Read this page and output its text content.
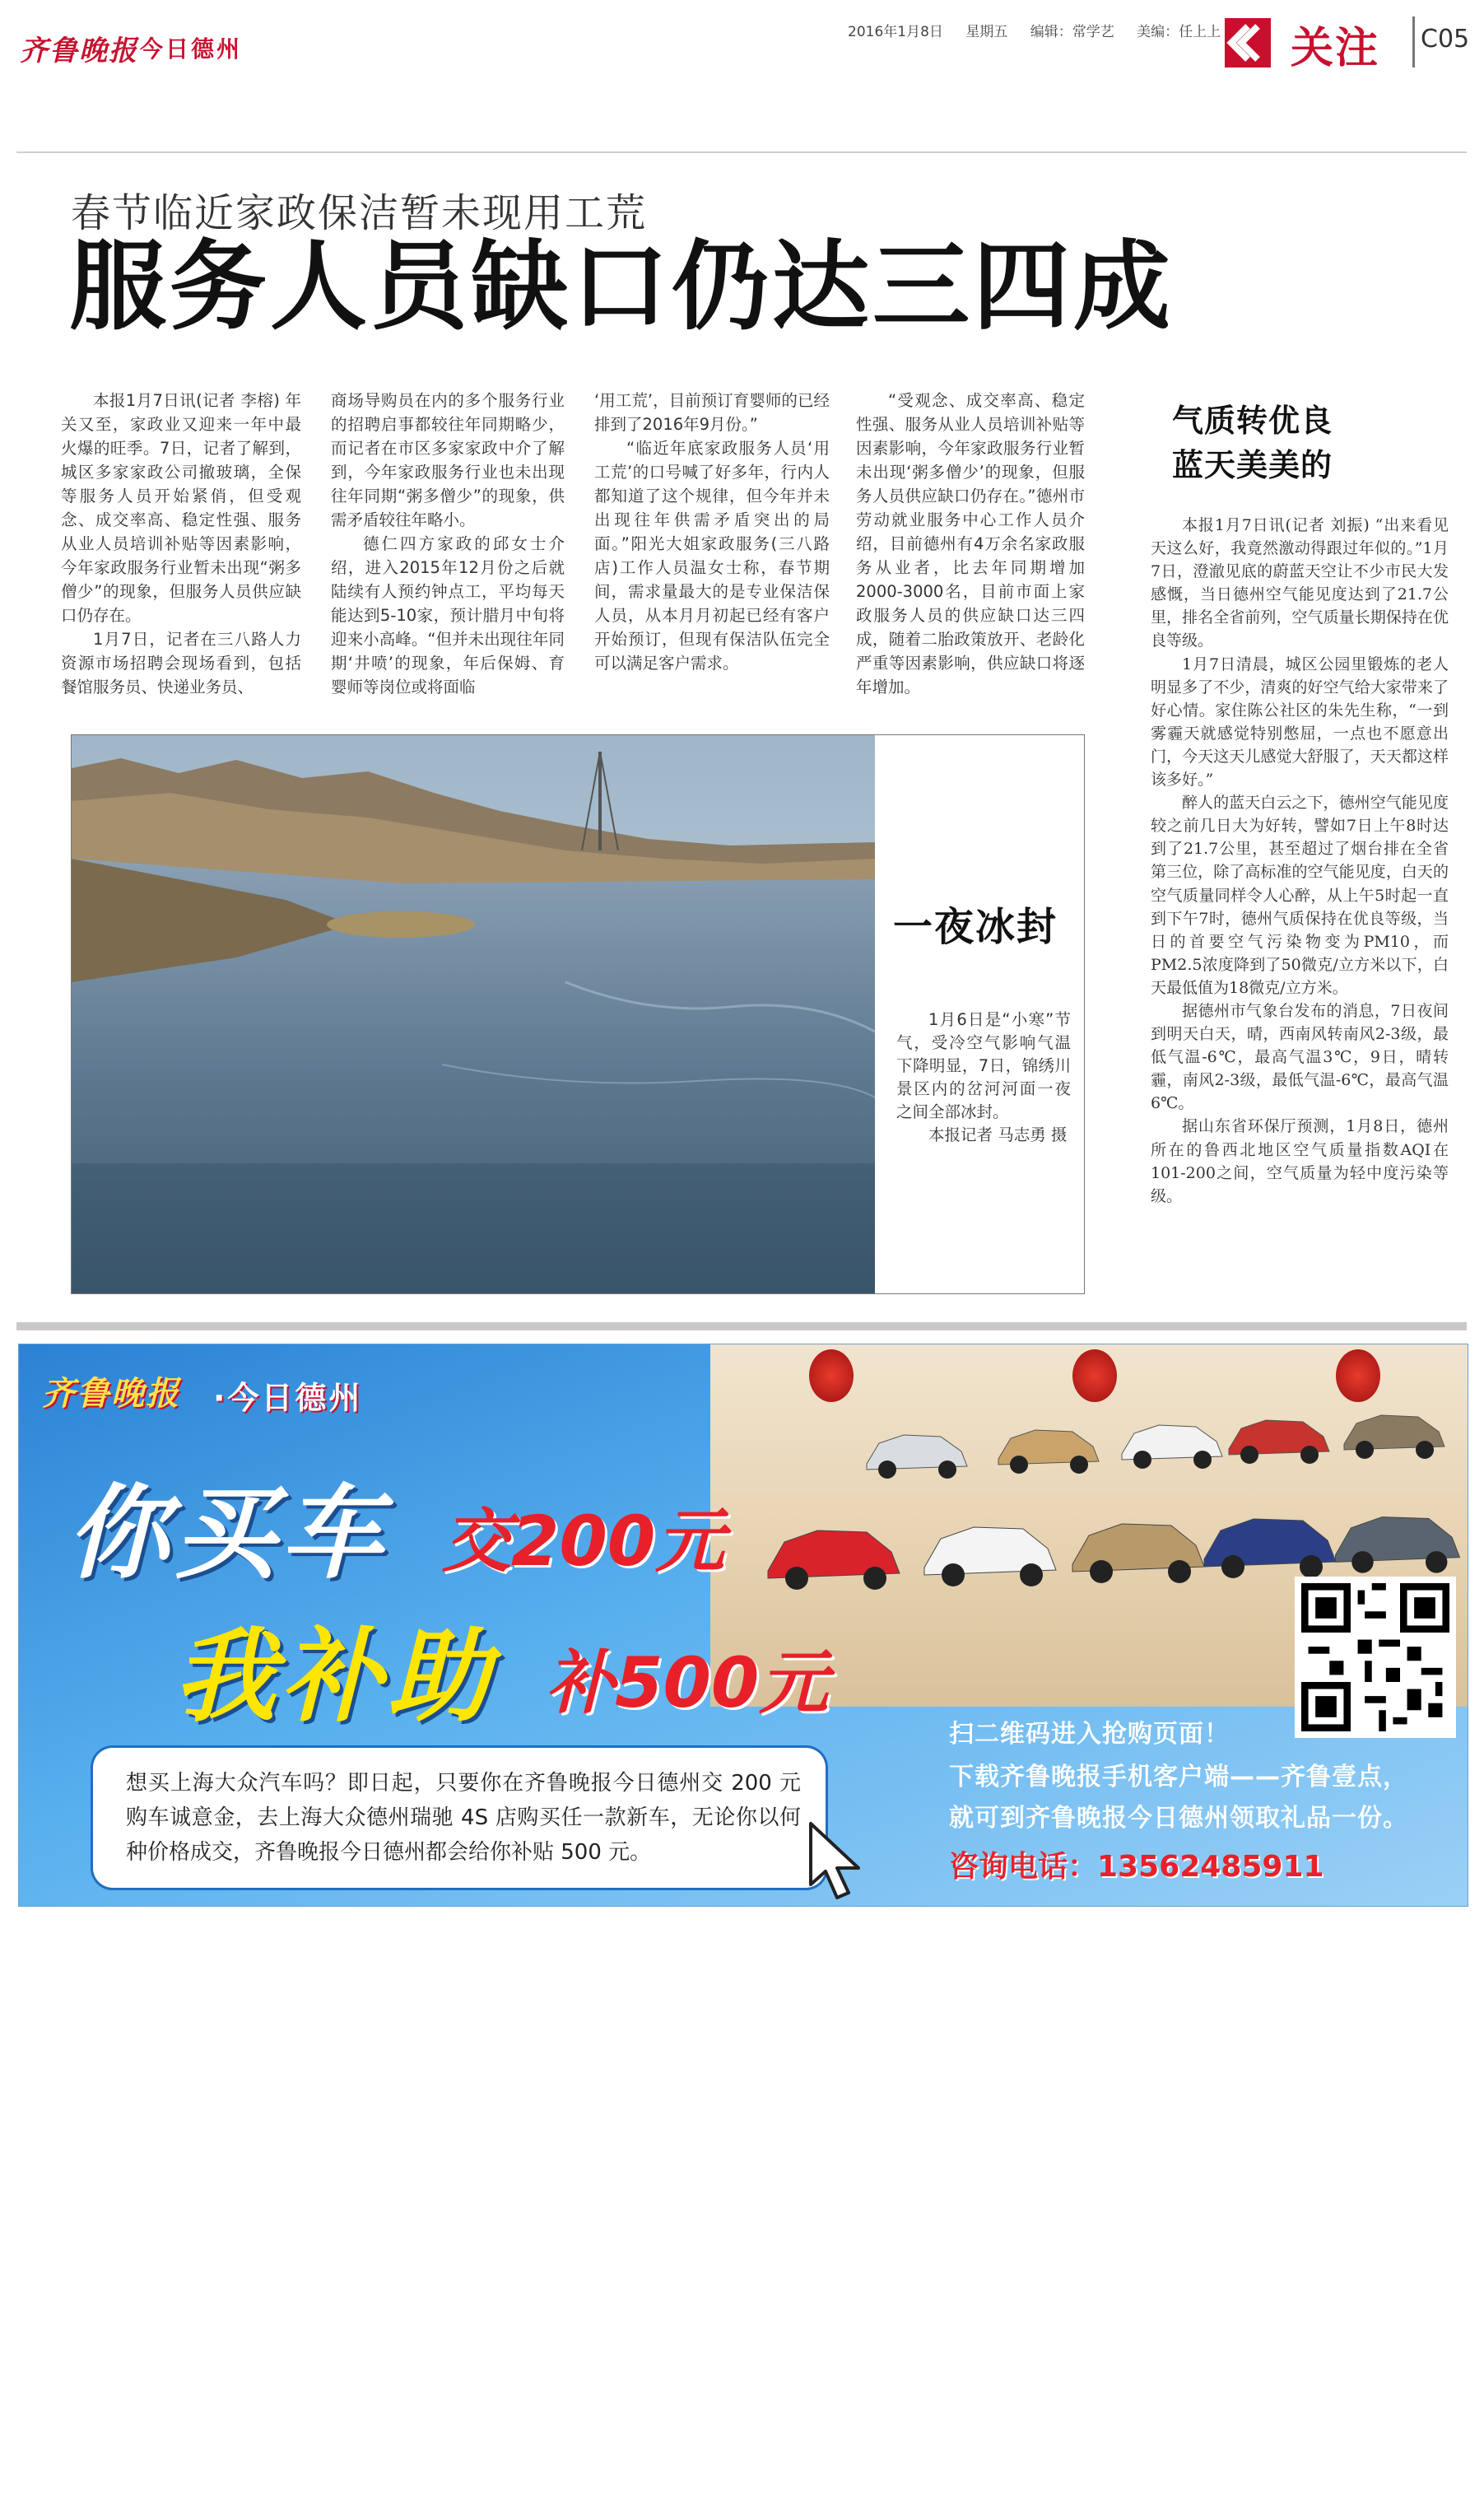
齐鲁晚报 今日德州
2016年1月8日 星期五 编辑：常学艺 美编：任上上	关注 C05
春节临近家政保洁暂未现用工荒
服务人员缺口仍达三四成

本报1月7日讯(记者 李榕) 年关又至，家政业又迎来一年中最火爆的旺季。7日，记者了解到，城区多家家政公司撤玻璃，全保等服务人员开始紧俏，但受观念、成交率高、稳定性强、服务从业人员培训补贴等因素影响，今年家政服务行业暂未出现“粥多僧少”的现象，但服务人员供应缺口仍存在。

1月7日，记者在三八路人力资源市场招聘会现场看到，包括餐馆服务员、快递业务员、

商场导购员在内的多个服务行业的招聘启事都较往年同期略少，而记者在市区多家家政中介了解到，今年家政服务行业也未出现往年同期“粥多僧少”的现象，供需矛盾较往年略小。

德仁四方家政的邱女士介绍，进入2015年12月份之后就陆续有人预约钟点工，平均每天能达到5-10家，预计腊月中旬将迎来小高峰。“但并未出现往年同期‘井喷’的现象，年后保姆、育婴师等岗位或将面临

‘用工荒’，目前预订育婴师的已经排到了2016年9月份。”

“临近年底家政服务人员‘用工荒’的口号喊了好多年，行内人都知道了这个规律，但今年并未出现往年供需矛盾突出的局面。”阳光大姐家政服务(三八路店)工作人员温女士称，春节期间，需求量最大的是专业保洁保人员，从本月月初起已经有客户开始预订，但现有保洁队伍完全可以满足客户需求。

“受观念、成交率高、稳定性强、服务从业人员培训补贴等因素影响，今年家政服务行业暂未出现‘粥多僧少’的现象，但服务人员供应缺口仍存在。”德州市劳动就业服务中心工作人员介绍，目前德州有4万余名家政服务从业者，比去年同期增加2000-3000名，目前市面上家政服务人员的供应缺口达三四成，随着二胎政策放开、老龄化严重等因素影响，供应缺口将逐年增加。

一夜冰封

1月6日是“小寒”节气，受冷空气影响气温下降明显，7日，锦绣川景区内的岔河河面一夜之间全部冰封。

本报记者 马志勇 摄

气质转优良
蓝天美美的

本报1月7日讯(记者 刘振) “出来看见天这么好，我竟然激动得跟过年似的。”1月7日，澄澈见底的蔚蓝天空让不少市民大发感慨，当日德州空气能见度达到了21.7公里，排名全省前列，空气质量长期保持在优良等级。

1月7日清晨，城区公园里锻炼的老人明显多了不少，清爽的好空气给大家带来了好心情。家住陈公社区的朱先生称，“一到雾霾天就感觉特别憋屈，一点也不愿意出门，今天这天儿感觉大舒服了，天天都这样该多好。”

醉人的蓝天白云之下，德州空气能见度较之前几日大为好转，譬如7日上午8时达到了21.7公里，甚至超过了烟台排在全省第三位，除了高标准的空气能见度，白天的空气质量同样令人心醉，从上午5时起一直到下午7时，德州气质保持在优良等级，当日的首要空气污染物变为PM10，而PM2.5浓度降到了50微克/立方米以下，白天最低值为18微克/立方米。

据德州市气象台发布的消息，7日夜间到明天白天，晴，西南风转南风2-3级，最低气温-6℃，最高气温3℃，9日，晴转霾，南风2-3级，最低气温-6℃，最高气温6℃。

据山东省环保厅预测，1月8日，德州所在的鲁西北地区空气质量指数AQI在101-200之间，空气质量为轻中度污染等级。

齐鲁晚报 ·今日德州
你买车 交200元
我补助 补500元
想买上海大众汽车吗？即日起，只要你在齐鲁晚报今日德州交 200 元购车诚意金，去上海大众德州瑞驰 4S 店购买任一款新车，无论你以何种价格成交，齐鲁晚报今日德州都会给你补贴 500 元。
扫二维码进入抢购页面！
下载齐鲁晚报手机客户端——齐鲁壹点，
就可到齐鲁晚报今日德州领取礼品一份。
咨询电话：13562485911
